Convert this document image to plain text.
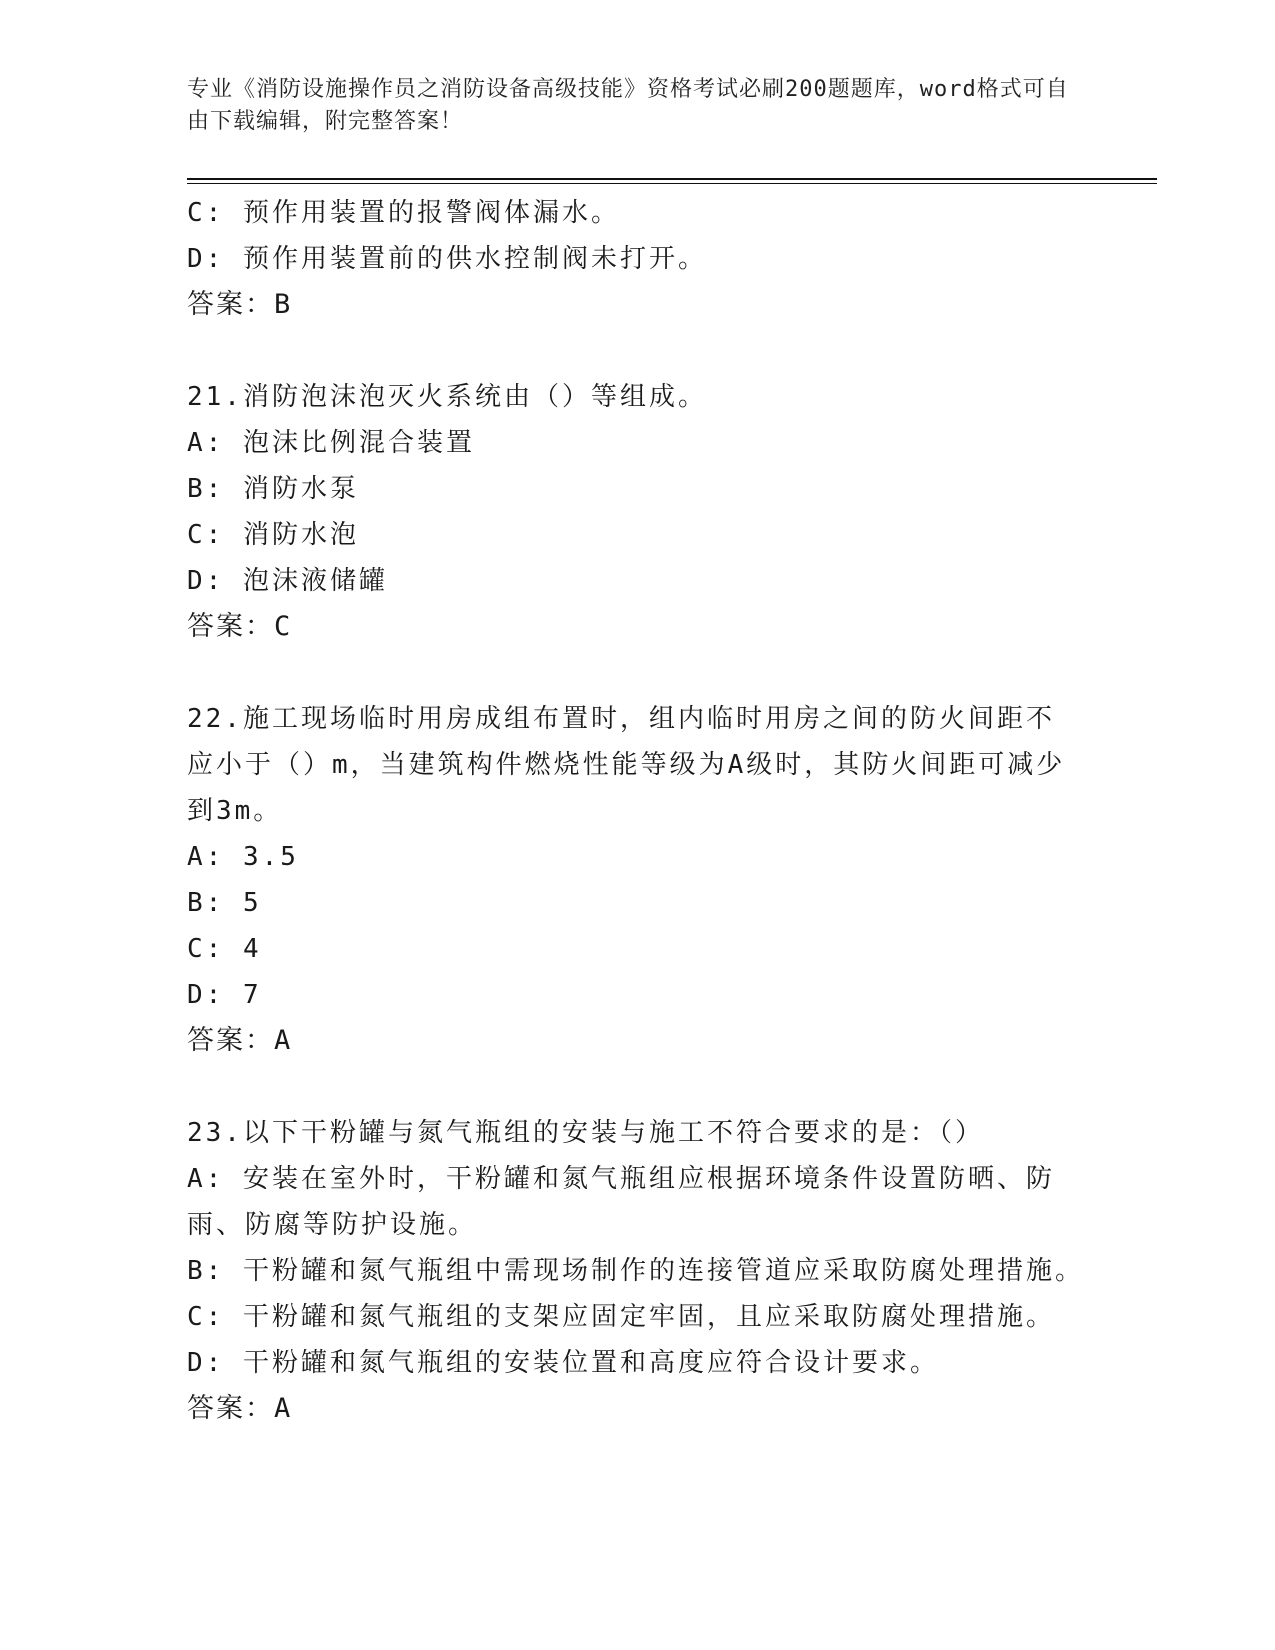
专业《消防设施操作员之消防设备高级技能》资格考试必刷200题题库，word格式可自由下载编辑，附完整答案！
C: 预作用装置的报警阀体漏水。
D: 预作用装置前的供水控制阀未打开。
答案：B
21.消防泡沫泡灭火系统由（）等组成。
A: 泡沫比例混合装置
B: 消防水泵
C: 消防水泡
D: 泡沫液储罐
答案：C
22.施工现场临时用房成组布置时，组内临时用房之间的防火间距不应小于（）m，当建筑构件燃烧性能等级为A级时，其防火间距可减少到3m。
A: 3.5
B: 5
C: 4
D: 7
答案：A
23.以下干粉罐与氮气瓶组的安装与施工不符合要求的是：（）
A: 安装在室外时，干粉罐和氮气瓶组应根据环境条件设置防晒、防雨、防腐等防护设施。
B: 干粉罐和氮气瓶组中需现场制作的连接管道应采取防腐处理措施。
C: 干粉罐和氮气瓶组的支架应固定牢固，且应采取防腐处理措施。
D: 干粉罐和氮气瓶组的安装位置和高度应符合设计要求。
答案：A
